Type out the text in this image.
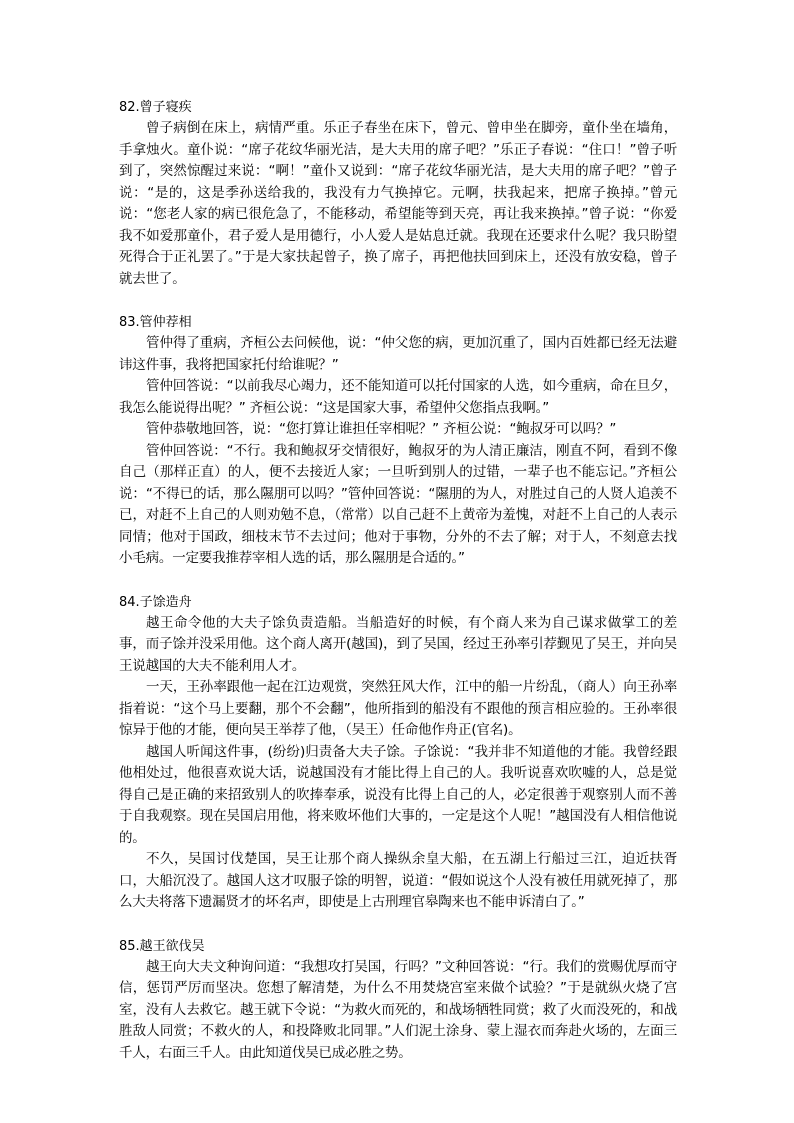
82.曾子寝疾

曾子病倒在床上，病情严重。乐正子春坐在床下，曾元、曾申坐在脚旁，童仆坐在墙角，手拿烛火。童仆说：“席子花纹华丽光洁，是大夫用的席子吧？”乐正子春说：“住口！”曾子听到了，突然惊醒过来说：“啊！”童仆又说到：“席子花纹华丽光洁，是大夫用的席子吧？”曾子说：“是的，这是季孙送给我的，我没有力气换掉它。元啊，扶我起来，把席子换掉。”曾元说：“您老人家的病已很危急了，不能移动，希望能等到天亮，再让我来换掉。”曾子说：“你爱我不如爱那童仆，君子爱人是用德行，小人爱人是姑息迁就。我现在还要求什么呢？我只盼望死得合于正礼罢了。”于是大家扶起曾子，换了席子，再把他扶回到床上，还没有放安稳，曾子就去世了。

83.管仲荐相

管仲得了重病，齐桓公去问候他，说：“仲父您的病，更加沉重了，国内百姓都已经无法避讳这件事，我将把国家托付给谁呢？”

管仲回答说：“以前我尽心竭力，还不能知道可以托付国家的人选，如今重病，命在旦夕，我怎么能说得出呢？” 齐桓公说：“这是国家大事，希望仲父您指点我啊。”

管仲恭敬地回答，说：“您打算让谁担任宰相呢？” 齐桓公说：“鲍叔牙可以吗？”

管仲回答说：“不行。我和鲍叔牙交情很好，鲍叔牙的为人清正廉洁，刚直不阿，看到不像自己（那样正直）的人，便不去接近人家；一旦听到别人的过错，一辈子也不能忘记。”齐桓公说：“不得已的话，那么隰朋可以吗？”管仲回答说：“隰朋的为人，对胜过自己的人贤人追羡不已，对赶不上自己的人则劝勉不息，（常常）以自己赶不上黄帝为羞愧，对赶不上自己的人表示同情；他对于国政，细枝末节不去过问；他对于事物，分外的不去了解；对于人，不刻意去找小毛病。一定要我推荐宰相人选的话，那么隰朋是合适的。”

84.子馀造舟

越王命令他的大夫子馀负责造船。当船造好的时候，有个商人来为自己谋求做掌工的差事，而子馀并没采用他。这个商人离开(越国)，到了吴国，经过王孙率引荐觐见了吴王，并向吴王说越国的大夫不能利用人才。

一天，王孙率跟他一起在江边观赏，突然狂风大作，江中的船一片纷乱，（商人）向王孙率指着说：“这个马上要翻，那个不会翻”，他所指到的船没有不跟他的预言相应验的。王孙率很惊异于他的才能，便向吴王举荐了他，（吴王）任命他作舟正(官名)。

越国人听闻这件事，(纷纷)归责备大夫子馀。子馀说：“我并非不知道他的才能。我曾经跟他相处过，他很喜欢说大话，说越国没有才能比得上自己的人。我听说喜欢吹嘘的人，总是觉得自己是正确的来招致别人的吹捧奉承，说没有比得上自己的人，必定很善于观察别人而不善于自我观察。现在吴国启用他，将来败坏他们大事的，一定是这个人呢！”越国没有人相信他说的。

不久，吴国讨伐楚国，吴王让那个商人操纵余皇大船，在五湖上行船过三江，迫近扶胥口，大船沉没了。越国人这才叹服子馀的明智，说道：“假如说这个人没有被任用就死掉了，那么大夫将落下遗漏贤才的坏名声，即使是上古刑理官皋陶来也不能申诉清白了。”

85.越王欲伐吴

越王向大夫文种询问道：“我想攻打吴国，行吗？”文种回答说：“行。我们的赏赐优厚而守信，惩罚严厉而坚决。您想了解清楚，为什么不用焚烧宫室来做个试验？”于是就纵火烧了宫室，没有人去救它。越王就下令说：“为救火而死的，和战场牺牲同赏；救了火而没死的，和战胜敌人同赏；不救火的人，和投降败北同罪。”人们泥土涂身、蒙上湿衣而奔赴火场的，左面三千人，右面三千人。由此知道伐吴已成必胜之势。
